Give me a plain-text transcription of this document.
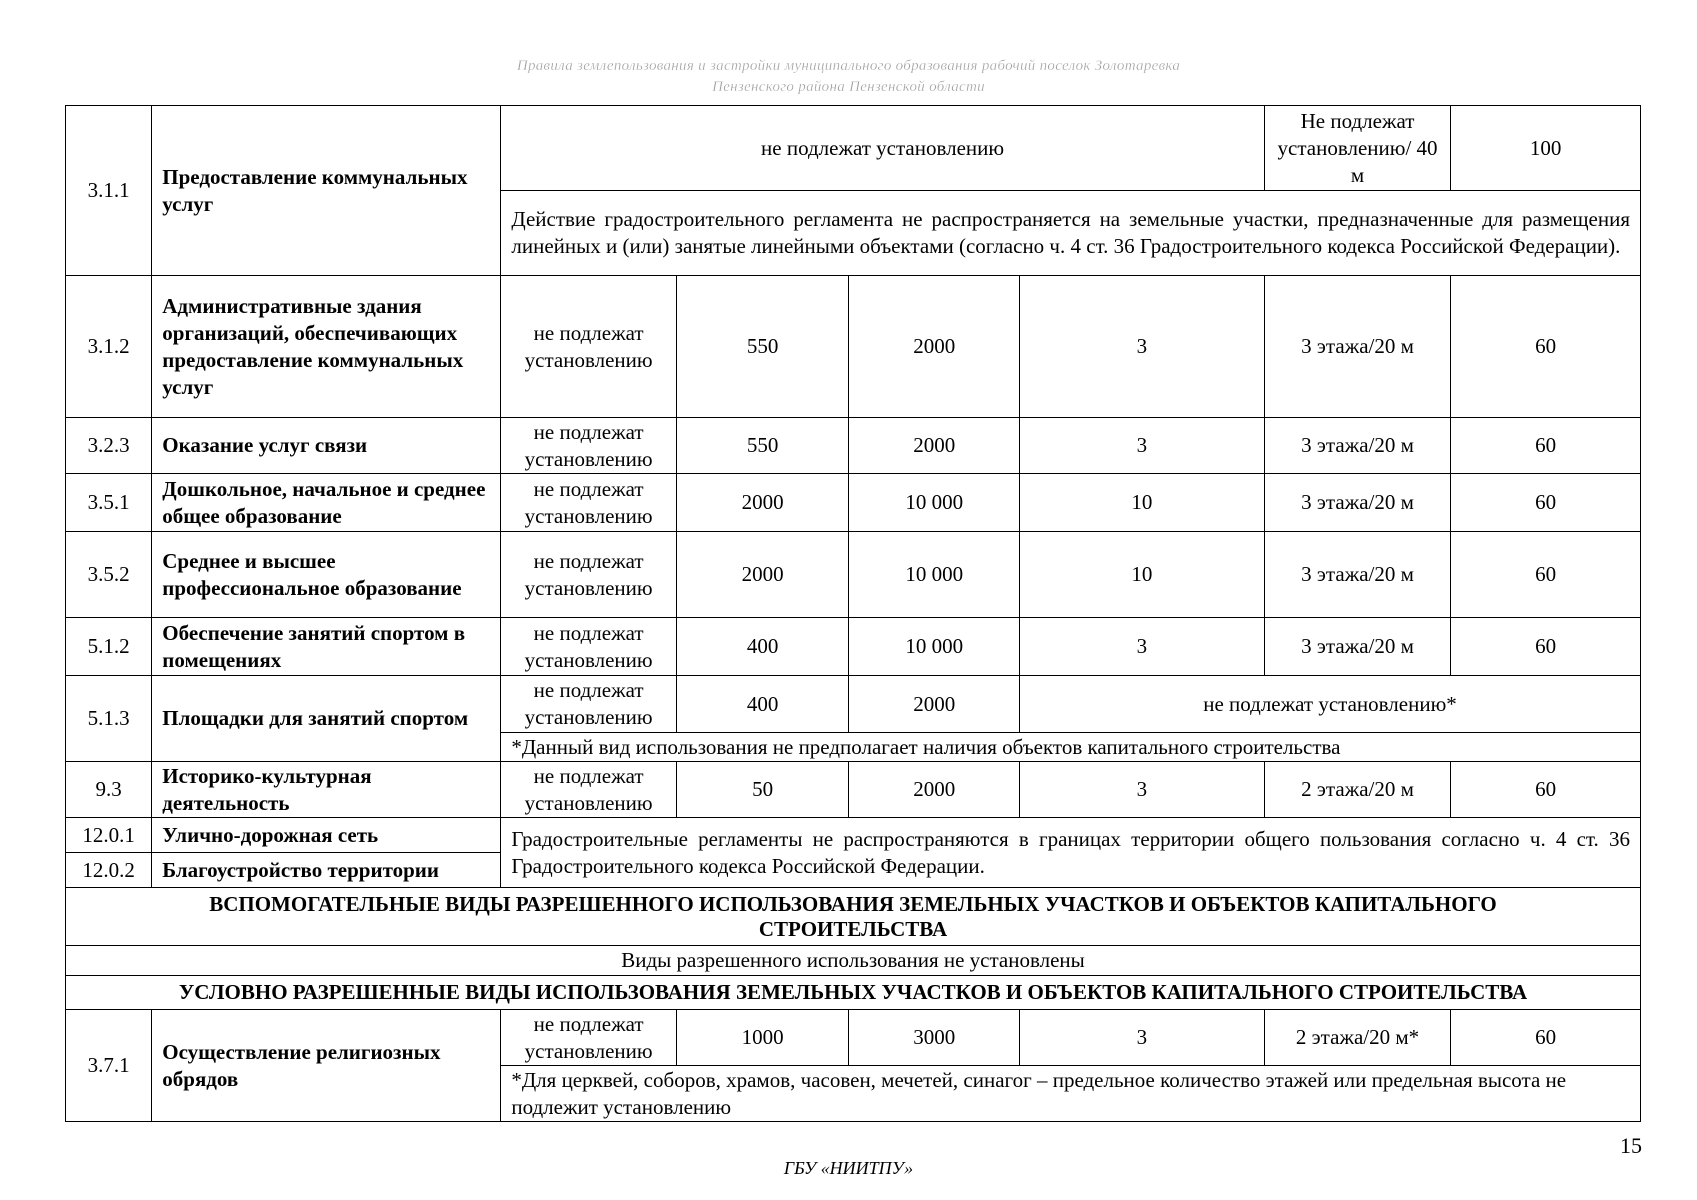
Правила землепользования и застройки муниципального образования рабочий поселок Золотаревка
Пензенского района Пензенской области
3.1.1	Предоставление коммунальных услуг	не подлежат установлению				Не подлежат установлению/ 40 м	100
		Действие градостроительного регламента не распространяется на земельные участки, предназначенные для размещения линейных и (или) занятые линейными объектами (согласно ч. 4 ст. 36 Градостроительного кодекса Российской Федерации).					
3.1.2	Административные здания организаций, обеспечивающих предоставление коммунальных услуг	не подлежат установлению	550	2000	3	3 этажа/20 м	60
3.2.3	Оказание услуг связи	не подлежат установлению	550	2000	3	3 этажа/20 м	60
3.5.1	Дошкольное, начальное и среднее общее образование	не подлежат установлению	2000	10 000	10	3 этажа/20 м	60
3.5.2	Среднее и высшее профессиональное образование	не подлежат установлению	2000	10 000	10	3 этажа/20 м	60
5.1.2	Обеспечение занятий спортом в помещениях	не подлежат установлению	400	10 000	3	3 этажа/20 м	60
5.1.3	Площадки для занятий спортом	не подлежат установлению	400	2000	не подлежат установлению*		
		*Данный вид использования не предполагает наличия объектов капитального строительства					
9.3	Историко-культурная деятельность	не подлежат установлению	50	2000	3	2 этажа/20 м	60
12.0.1	Улично-дорожная сеть	Градостроительные регламенты не распространяются в границах территории общего пользования согласно ч. 4 ст. 36 Градостроительного кодекса Российской Федерации.					
12.0.2	Благоустройство территории						
ВСПОМОГАТЕЛЬНЫЕ ВИДЫ РАЗРЕШЕННОГО ИСПОЛЬЗОВАНИЯ ЗЕМЕЛЬНЫХ УЧАСТКОВ И ОБЪЕКТОВ КАПИТАЛЬНОГО СТРОИТЕЛЬСТВА							
Виды разрешенного использования не установлены							
УСЛОВНО РАЗРЕШЕННЫЕ ВИДЫ ИСПОЛЬЗОВАНИЯ ЗЕМЕЛЬНЫХ УЧАСТКОВ И ОБЪЕКТОВ КАПИТАЛЬНОГО СТРОИТЕЛЬСТВА							
3.7.1	Осуществление религиозных обрядов	не подлежат установлению	1000	3000	3	2 этажа/20 м*	60
		*Для церквей, соборов, храмов, часовен, мечетей, синагог – предельное количество этажей или предельная высота не подлежит установлению					
15
ГБУ «НИИТПУ»
